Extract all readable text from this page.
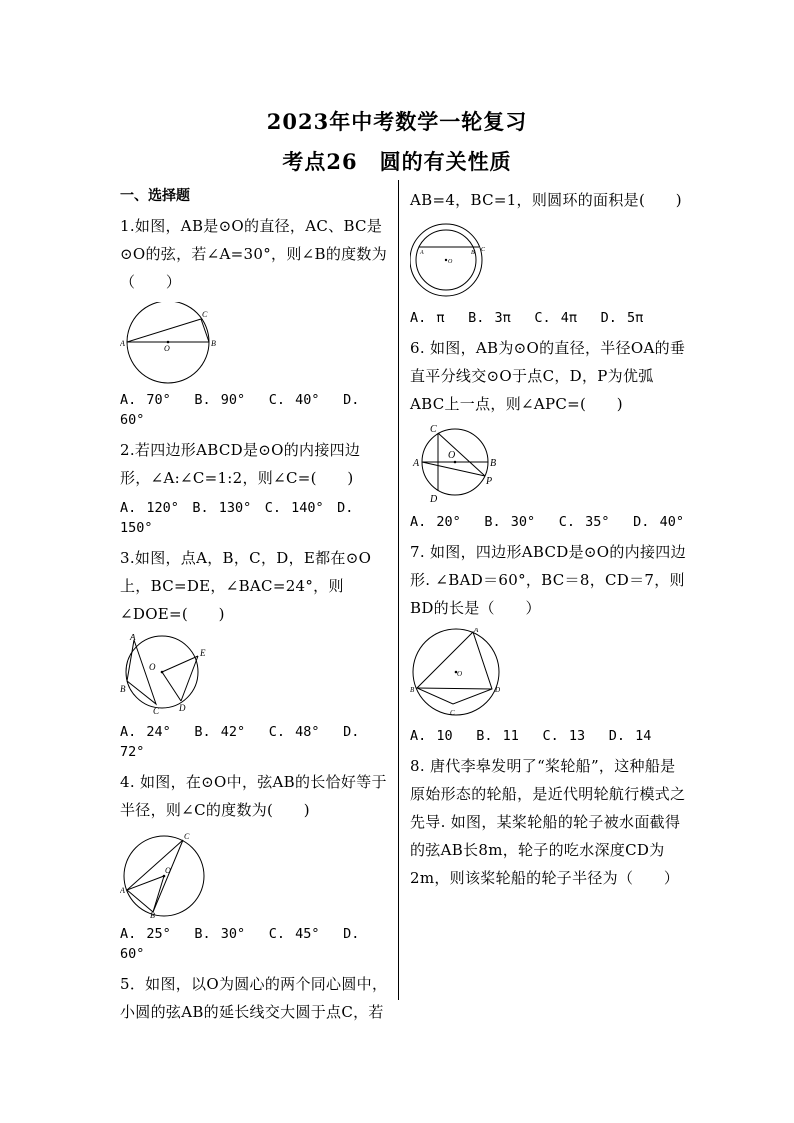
2023年中考数学一轮复习
考点26　圆的有关性质
一、选择题
1.如图，AB是⊙O的直径，AC、BC是⊙O的弦，若∠A=30°，则∠B的度数为（　　）
A	B
C
O
A. 70°　 B. 90°　 C. 40°　 D. 60°
2.若四边形ABCD是⊙O的内接四边形，∠A:∠C=1:2，则∠C=(　　)
A. 120°　B. 130°　C. 140°　D. 150°
3.如图，点A，B，C，D，E都在⊙O上，BC=DE，∠BAC=24°，则∠DOE=(　　)
A
B
C D
E
O
A. 24°　 B. 42°　 C. 48°　 D. 72°
4. 如图，在⊙O中，弦AB的长恰好等于半径，则∠C的度数为(　　)
A
B
C
O
A. 25°　 B. 30°　 C. 45°　 D. 60°
5．如图，以O为圆心的两个同心圆中，小圆的弦AB的延长线交大圆于点C，若
AB=4，BC=1，则圆环的面积是(　　)
A	B C
O
A. π　 B. 3π　 C. 4π　 D. 5π
6. 如图，AB为⊙O的直径，半径OA的垂直平分线交⊙O于点C，D，P为优弧ABC上一点，则∠APC=(　　)
A	B
C
D
O
P
A. 20°　 B. 30°　 C. 35°　 D. 40°
7. 如图，四边形ABCD是⊙O的内接四边形. ∠BAD＝60°，BC＝8，CD＝7，则BD的长是（　　）
A
B
C
D
O
A. 10　 B. 11　 C. 13　 D. 14
8. 唐代李皋发明了“桨轮船”，这种船是原始形态的轮船，是近代明轮航行模式之先导. 如图，某桨轮船的轮子被水面截得的弦AB长8m，轮子的吃水深度CD为2m，则该桨轮船的轮子半径为（　　）
